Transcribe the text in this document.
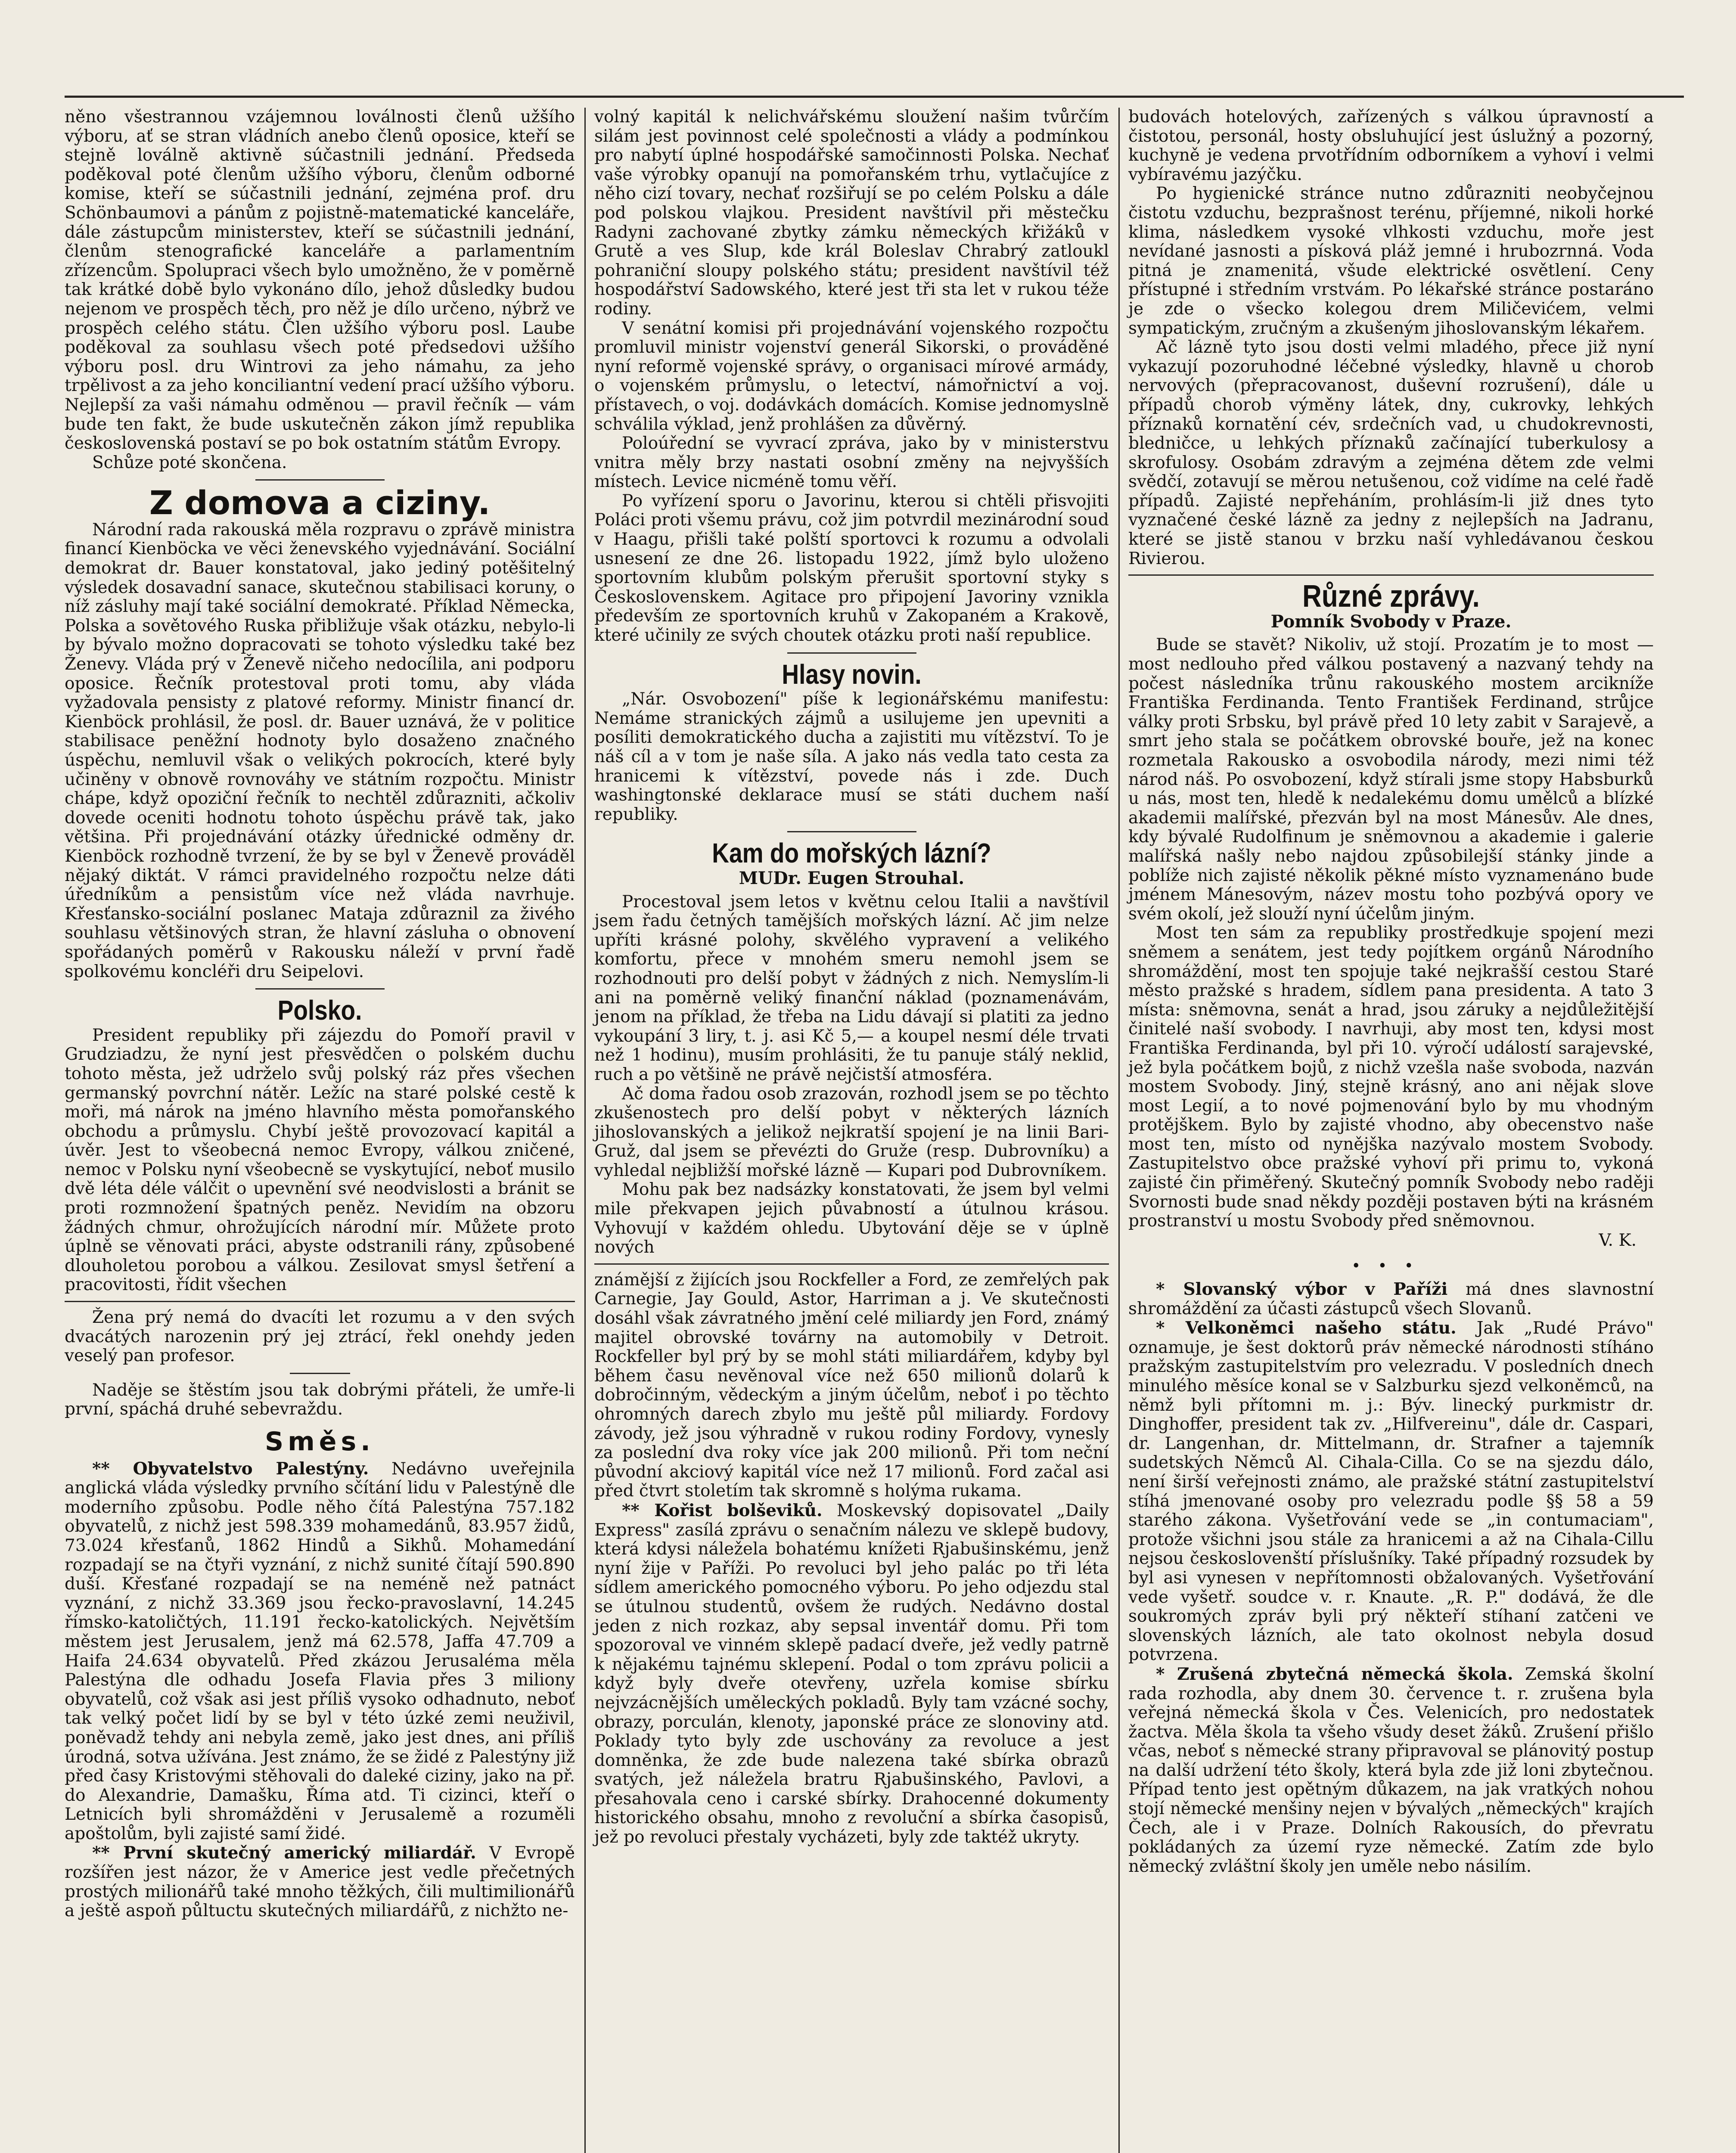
něno všestrannou vzájemnou loválnosti členů užšího výboru, ať se stran vládních anebo členů oposice, kteří se stejně loválně aktivně súčastnili jednání. Předseda poděkoval poté členům užšího výboru, členům odborné komise, kteří se súčastnili jednání, zejména prof. dru Schönbaumovi a pánům z pojistně-matematické kanceláře, dále zástupcům ministerstev, kteří se súčastnili jednání, členům stenografické kanceláře a parlamentním zřízencům. Spolupraci všech bylo umožněno, že v poměrně tak krátké době bylo vykonáno dílo, jehož důsledky budou nejenom ve prospěch těch, pro něž je dílo určeno, nýbrž ve prospěch celého státu. Člen užšího výboru posl. Laube poděkoval za souhlasu všech poté předsedovi užšího výboru posl. dru Wintrovi za jeho námahu, za jeho trpělivost a za jeho konciliantní vedení prací užšího výboru. Nejlepší za vaši námahu odměnou — pravil řečník — vám bude ten fakt, že bude uskutečněn zákon jímž republika československá postaví se po bok ostatním státům Evropy.

Schůze poté skončena.

Z domova a ciziny.

Národní rada rakouská měla rozpravu o zprávě ministra financí Kienböcka ve věci ženevského vyjednávání. Sociální demokrat dr. Bauer konstatoval, jako jediný potěšitelný výsledek dosavadní sanace, skutečnou stabilisaci koruny, o níž zásluhy mají také sociální demokraté. Příklad Německa, Polska a sovětového Ruska přibližuje však otázku, nebylo-li by bývalo možno dopracovati se tohoto výsledku také bez Ženevy. Vláda prý v Ženevě ničeho nedocílila, ani podporu oposice. Řečník protestoval proti tomu, aby vláda vyžadovala pensisty z platové reformy. Ministr financí dr. Kienböck prohlásil, že posl. dr. Bauer uznává, že v politice stabilisace peněžní hodnoty bylo dosaženo značného úspěchu, nemluvil však o velikých pokrocích, které byly učiněny v obnově rovnováhy ve státním rozpočtu. Ministr chápe, když opoziční řečník to nechtěl zdůrazniti, ačkoliv dovede oceniti hodnotu tohoto úspěchu právě tak, jako většina. Při projednávání otázky úřednické odměny dr. Kienböck rozhodně tvrzení, že by se byl v Ženevě prováděl nějaký diktát. V rámci pravidelného rozpočtu nelze dáti úředníkům a pensistům více než vláda navrhuje. Křesťansko-sociální poslanec Mataja zdůraznil za živého souhlasu většinových stran, že hlavní zásluha o obnovení spořádaných poměrů v Rakousku náleží v první řadě spolkovému koncléři dru Seipelovi.

Polsko.

President republiky při zájezdu do Pomoří pravil v Grudziadzu, že nyní jest přesvědčen o polském duchu tohoto města, jež udrželo svůj polský ráz přes všechen germanský povrchní nátěr. Ležíc na staré polské cestě k moři, má nárok na jméno hlavního města pomořanského obchodu a průmyslu. Chybí ještě provozovací kapitál a úvěr. Jest to všeobecná nemoc Evropy, válkou zničené, nemoc v Polsku nyní všeobecně se vyskytující, neboť musilo dvě léta déle válčit o upevnění své neodvislosti a bránit se proti rozmnožení špatných peněz. Nevidím na obzoru žádných chmur, ohrožujících národní mír. Můžete proto úplně se věnovati práci, abyste odstranili rány, způsobené dlouholetou porobou a válkou. Zesilovat smysl šetření a pracovitosti, řídit všechen

Žena prý nemá do dvacíti let rozumu a v den svých dvacátých narozenin prý jej ztrácí, řekl onehdy jeden veselý pan profesor.

Naděje se štěstím jsou tak dobrými přáteli, že umře-li první, spáchá druhé sebevraždu.

Směs.

** Obyvatelstvo Palestýny. Nedávno uveřejnila anglická vláda výsledky prvního sčítání lidu v Palestýně dle moderního způsobu. Podle něho čítá Palestýna 757.182 obyvatelů, z nichž jest 598.339 mohamedánů, 83.957 židů, 73.024 křesťanů, 1862 Hindů a Sikhů. Mohamedání rozpadají se na čtyři vyznání, z nichž sunité čítají 590.890 duší. Křesťané rozpadají se na neméně než patnáct vyznání, z nichž 33.369 jsou řecko-pravoslavní, 14.245 římsko-katoličtých, 11.191 řecko-katolických. Největším městem jest Jerusalem, jenž má 62.578, Jaffa 47.709 a Haifa 24.634 obyvatelů. Před zkázou Jerusaléma měla Palestýna dle odhadu Josefa Flavia přes 3 miliony obyvatelů, což však asi jest příliš vysoko odhadnuto, neboť tak velký počet lidí by se byl v této úzké zemi neuživil, poněvadž tehdy ani nebyla země, jako jest dnes, ani příliš úrodná, sotva užívána. Jest známo, že se židé z Palestýny již před časy Kristovými stěhovali do daleké ciziny, jako na př. do Alexandrie, Damašku, Říma atd. Ti cizinci, kteří o Letnicích byli shromážděni v Jerusalemě a rozuměli apoštolům, byli zajisté samí židé.

** První skutečný americký miliardář. V Evropě rozšířen jest názor, že v Americe jest vedle přečetných prostých milionářů také mnoho těžkých, čili multimilionářů a ještě aspoň půltuctu skutečných miliardářů, z nichžto ne-

volný kapitál k nelichvářskému sloužení našim tvůrčím silám jest povinnost celé společnosti a vlády a podmínkou pro nabytí úplné hospodářské samočinnosti Polska. Nechať vaše výrobky opanují na pomořanském trhu, vytlačujíce z něho cizí tovary, nechať rozšiřují se po celém Polsku a dále pod polskou vlajkou. President navštívil při městečku Radyni zachované zbytky zámku německých křižáků v Grutě a ves Slup, kde král Boleslav Chrabrý zatloukl pohraniční sloupy polského státu; president navštívil též hospodářství Sadowského, které jest tři sta let v rukou téže rodiny.

V senátní komisi při projednávání vojenského rozpočtu promluvil ministr vojenství generál Sikorski, o prováděné nyní reformě vojenské správy, o organisaci mírové armády, o vojenském průmyslu, o letectví, námořnictví a voj. přístavech, o voj. dodávkách domácích. Komise jednomyslně schválila výklad, jenž prohlášen za důvěrný.

Poloúřední se vyvrací zpráva, jako by v ministerstvu vnitra měly brzy nastati osobní změny na nejvyšších místech. Levice nicméně tomu věří.

Po vyřízení sporu o Javorinu, kterou si chtěli přisvojiti Poláci proti všemu právu, což jim potvrdil mezinárodní soud v Haagu, přišli také polští sportovci k rozumu a odvolali usnesení ze dne 26. listopadu 1922, jímž bylo uloženo sportovním klubům polským přerušit sportovní styky s Československem. Agitace pro připojení Javoriny vznikla především ze sportovních kruhů v Zakopaném a Krakově, které učinily ze svých choutek otázku proti naší republice.

Hlasy novin.

„Nár. Osvobození" píše k legionářskému manifestu: Nemáme stranických zájmů a usilujeme jen upevniti a posíliti demokratického ducha a zajistiti mu vítězství. To je náš cíl a v tom je naše síla. A jako nás vedla tato cesta za hranicemi k vítězství, povede nás i zde. Duch washingtonské deklarace musí se státi duchem naší republiky.

Kam do mořských lázní?
MUDr. Eugen Strouhal.

Procestoval jsem letos v květnu celou Italii a navštívil jsem řadu četných tamějších mořských lázní. Ač jim nelze upříti krásné polohy, skvělého vypravení a velikého komfortu, přece v mnohém smeru nemohl jsem se rozhodnouti pro delší pobyt v žádných z nich. Nemyslím-li ani na poměrně veliký finanční náklad (poznamenávám, jenom na příklad, že třeba na Lidu dávají si platiti za jedno vykoupání 3 liry, t. j. asi Kč 5,— a koupel nesmí déle trvati než 1 hodinu), musím prohlásiti, že tu panuje stálý neklid, ruch a po většině ne právě nejčistší atmosféra.

Ač doma řadou osob zrazován, rozhodl jsem se po těchto zkušenostech pro delší pobyt v některých lázních jihoslovanských a jelikož nejkratší spojení je na linii Bari-Gruž, dal jsem se převézti do Gruže (resp. Dubrovníku) a vyhledal nejbližší mořské lázně — Kupari pod Dubrovníkem.

Mohu pak bez nadsázky konstatovati, že jsem byl velmi mile překvapen jejich půvabností a útulnou krásou. Vyhovují v každém ohledu. Ubytování děje se v úplně nových

známější z žijících jsou Rockfeller a Ford, ze zemřelých pak Carnegie, Jay Gould, Astor, Harriman a j. Ve skutečnosti dosáhl však závratného jmění celé miliardy jen Ford, známý majitel obrovské továrny na automobily v Detroit. Rockfeller byl prý by se mohl státi miliardářem, kdyby byl během času nevěnoval více než 650 milionů dolarů k dobročinným, vědeckým a jiným účelům, neboť i po těchto ohromných darech zbylo mu ještě půl miliardy. Fordovy závody, jež jsou výhradně v rukou rodiny Fordovy, vynesly za poslední dva roky více jak 200 milionů. Při tom neční původní akciový kapitál více než 17 milionů. Ford začal asi před čtvrt stoletím tak skromně s holýma rukama.

** Kořist bolševiků. Moskevský dopisovatel „Daily Express" zasílá zprávu o senačním nálezu ve sklepě budovy, která kdysi náležela bohatému knížeti Rjabušinskému, jenž nyní žije v Paříži. Po revoluci byl jeho palác po tři léta sídlem amerického pomocného výboru. Po jeho odjezdu stal se útulnou studentů, ovšem že rudých. Nedávno dostal jeden z nich rozkaz, aby sepsal inventář domu. Při tom spozoroval ve vinném sklepě padací dveře, jež vedly patrně k nějakému tajnému sklepení. Podal o tom zprávu policii a když byly dveře otevřeny, uzřela komise sbírku nejvzácnějších uměleckých pokladů. Byly tam vzácné sochy, obrazy, porculán, klenoty, japonské práce ze slonoviny atd. Poklady tyto byly zde uschovány za revoluce a jest domněnka, že zde bude nalezena také sbírka obrazů svatých, jež náležela bratru Rjabušinského, Pavlovi, a přesahovala ceno i carské sbírky. Drahocenné dokumenty historického obsahu, mnoho z revoluční a sbírka časopisů, jež po revoluci přestaly vycházeti, byly zde taktéž ukryty.

budovách hotelových, zařízených s válkou úpravností a čistotou, personál, hosty obsluhující jest úslužný a pozorný, kuchyně je vedena prvotřídním odborníkem a vyhoví i velmi vybíravému jazýčku.

Po hygienické stránce nutno zdůrazniti neobyčejnou čistotu vzduchu, bezprašnost terénu, příjemné, nikoli horké klima, následkem vysoké vlhkosti vzduchu, moře jest nevídané jasnosti a písková pláž jemné i hrubozrnná. Voda pitná je znamenitá, všude elektrické osvětlení. Ceny přístupné i středním vrstvám. Po lékařské stránce postaráno je zde o všecko kolegou drem Miličevićem, velmi sympatickým, zručným a zkušeným jihoslovanským lékařem.

Ač lázně tyto jsou dosti velmi mladého, přece již nyní vykazují pozoruhodné léčebné výsledky, hlavně u chorob nervových (přepracovanost, duševní rozrušení), dále u případů chorob výměny látek, dny, cukrovky, lehkých příznaků kornatění cév, srdečních vad, u chudokrevnosti, bledničce, u lehkých příznaků začínající tuberkulosy a skrofulosy. Osobám zdravým a zejména dětem zde velmi svědčí, zotavují se měrou netušenou, což vidíme na celé řadě případů. Zajisté nepřeháním, prohlásím-li již dnes tyto vyznačené české lázně za jedny z nejlepších na Jadranu, které se jistě stanou v brzku naší vyhledávanou českou Rivierou.

Různé zprávy.
Pomník Svobody v Praze.

Bude se stavět? Nikoliv, už stojí. Prozatím je to most — most nedlouho před válkou postavený a nazvaný tehdy na počest následníka trůnu rakouského mostem arcikníže Františka Ferdinanda. Tento František Ferdinand, strůjce války proti Srbsku, byl právě před 10 lety zabit v Sarajevě, a smrt jeho stala se počátkem obrovské bouře, jež na konec rozmetala Rakousko a osvobodila národy, mezi nimi též národ náš. Po osvobození, když stírali jsme stopy Habsburků u nás, most ten, hledě k nedalekému domu umělců a blízké akademii malířské, přezván byl na most Mánesův. Ale dnes, kdy bývalé Rudolfinum je sněmovnou a akademie i galerie malířská našly nebo najdou způsobilejší stánky jinde a poblíže nich zajisté několik pěkné místo vyznamenáno bude jménem Mánesovým, název mostu toho pozbývá opory ve svém okolí, jež slouží nyní účelům jiným.

Most ten sám za republiky prostředkuje spojení mezi sněmem a senátem, jest tedy pojítkem orgánů Národního shromáždění, most ten spojuje také nejkrašší cestou Staré město pražské s hradem, sídlem pana presidenta. A tato 3 místa: sněmovna, senát a hrad, jsou záruky a nejdůležitější činitelé naší svobody. I navrhuji, aby most ten, kdysi most Františka Ferdinanda, byl při 10. výročí událostí sarajevské, jež byla počátkem bojů, z nichž vzešla naše svoboda, nazván mostem Svobody. Jiný, stejně krásný, ano ani nějak slove most Legií, a to nové pojmenování bylo by mu vhodným protějškem. Bylo by zajisté vhodno, aby obecenstvo naše most ten, místo od nynějška nazývalo mostem Svobody. Zastupitelstvo obce pražské vyhoví při primu to, vykoná zajisté čin přiměřený. Skutečný pomník Svobody nebo raději Svornosti bude snad někdy později postaven býti na krásném prostranství u mostu Svobody před sněmovnou.

V. K.
•••

* Slovanský výbor v Paříži má dnes slavnostní shromáždění za účasti zástupců všech Slovanů.

* Velkoněmci našeho státu. Jak „Rudé Právo" oznamuje, je šest doktorů práv německé národnosti stíháno pražským zastupitelstvím pro velezradu. V posledních dnech minulého měsíce konal se v Salzburku sjezd velkoněmců, na němž byli přítomni m. j.: Býv. linecký purkmistr dr. Dinghoffer, president tak zv. „Hilfvereinu", dále dr. Caspari, dr. Langenhan, dr. Mittelmann, dr. Strafner a tajemník sudetských Němců Al. Cihala-Cilla. Co se na sjezdu dálo, není širší veřejnosti známo, ale pražské státní zastupitelství stíhá jmenované osoby pro velezradu podle §§ 58 a 59 starého zákona. Vyšetřování vede se „in contumaciam", protože všichni jsou stále za hranicemi a až na Cihala-Cillu nejsou českoslovenští příslušníky. Také případný rozsudek by byl asi vynesen v nepřítomnosti obžalovaných. Vyšetřování vede vyšetř. soudce v. r. Knaute. „R. P." dodává, že dle soukromých zpráv byli prý někteří stíhaní zatčeni ve slovenských lázních, ale tato okolnost nebyla dosud potvrzena.

* Zrušená zbytečná německá škola. Zemská školní rada rozhodla, aby dnem 30. července t. r. zrušena byla veřejná německá škola v Čes. Velenicích, pro nedostatek žactva. Měla škola ta všeho všudy deset žáků. Zrušení přišlo včas, neboť s německé strany připravoval se plánovitý postup na další udržení této školy, která byla zde již loni zbytečnou. Případ tento jest opětným důkazem, na jak vratkých nohou stojí německé menšiny nejen v bývalých „německých" krajích Čech, ale i v Praze. Dolních Rakousích, do převratu pokládaných za území ryze německé. Zatím zde bylo německý zvláštní školy jen uměle nebo násilím.
